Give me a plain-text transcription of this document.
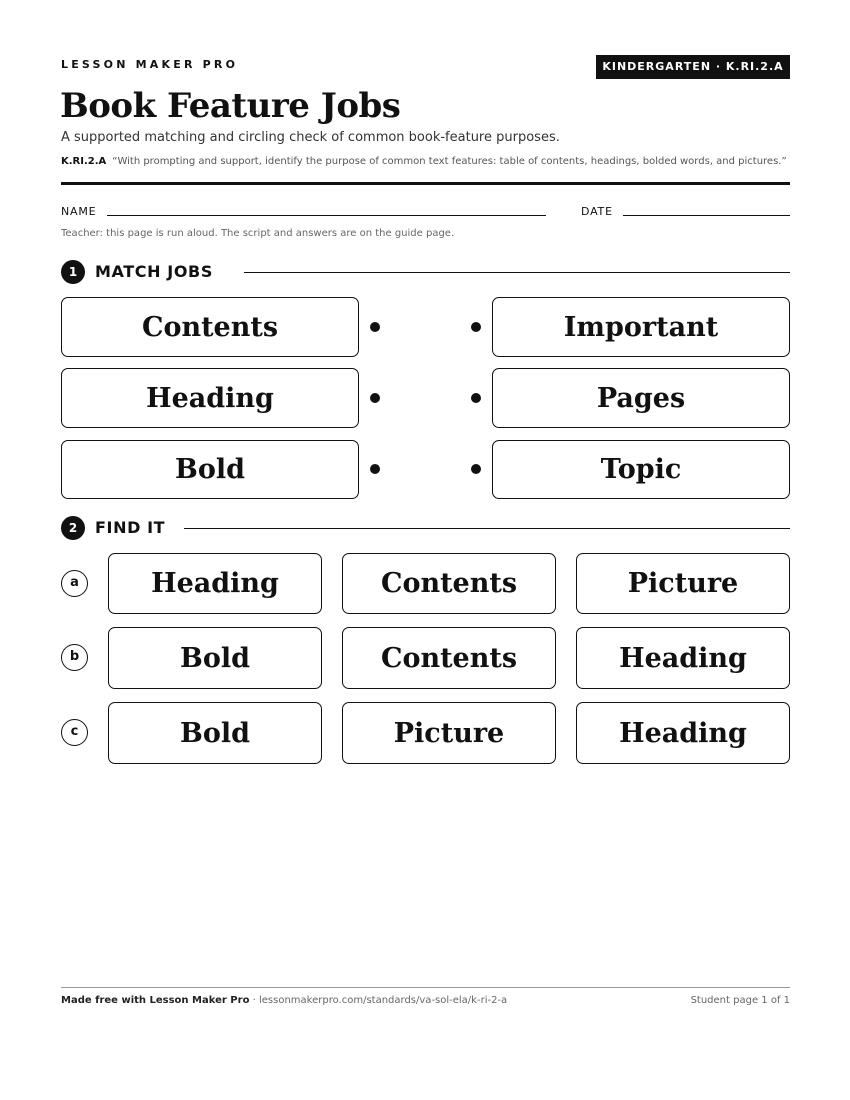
LESSON MAKER PRO	KINDERGARTEN · K.RI.2.A
Book Feature Jobs
A supported matching and circling check of common book-feature purposes.
K.RI.2.A “With prompting and support, identify the purpose of common text features: table of contents, headings, bolded words, and pictures.”
NAME	DATE
Teacher: this page is run aloud. The script and answers are on the guide page.
1	MATCH JOBS
Contents	Important
Heading	Pages
Bold	Topic
2	FIND IT
a	Heading	Contents	Picture
b	Bold	Contents	Heading
c	Bold	Picture	Heading
Made free with Lesson Maker Pro · lessonmakerpro.com/standards/va-sol-ela/k-ri-2-a	Student page 1 of 1
